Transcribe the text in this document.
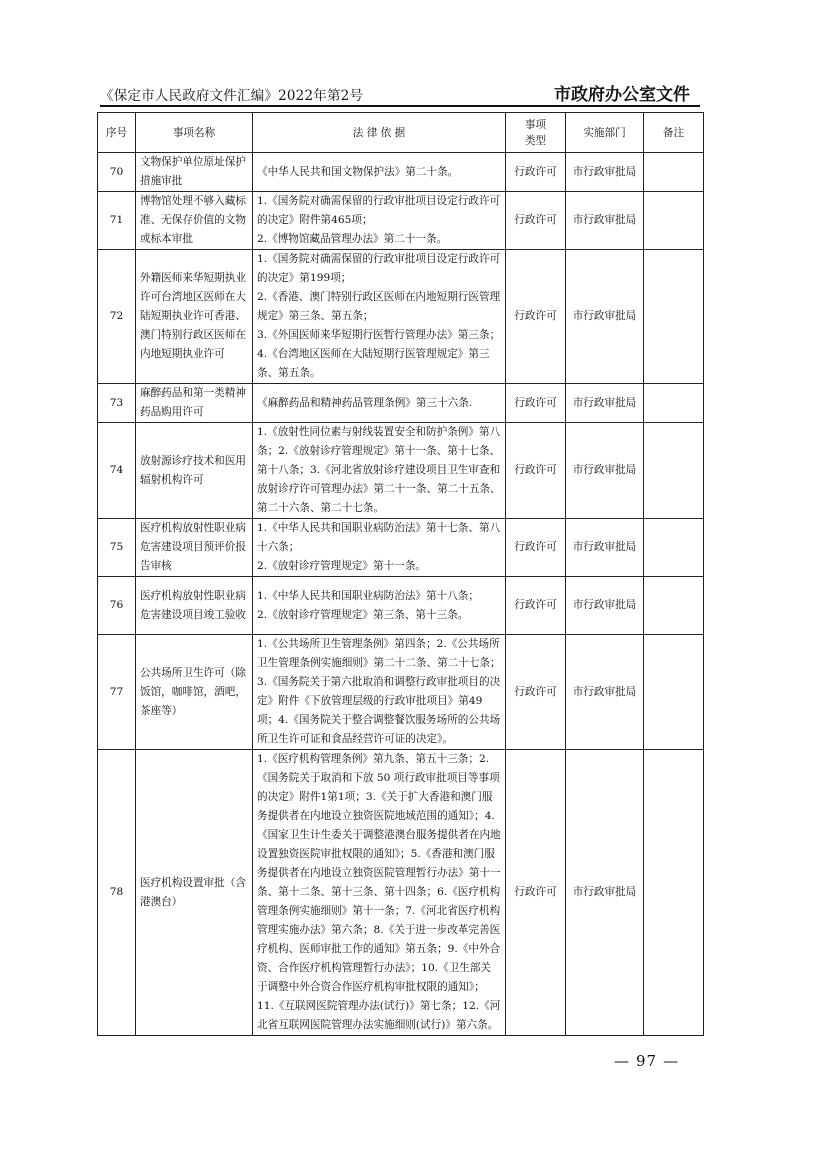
《保定市人民政府文件汇编》2022年第2号	市政府办公室文件
序号	事项名称	法 律 依 据	事项类型	实施部门	备注
70	文物保护单位原址保护措施审批	《中华人民共和国文物保护法》第二十条。	行政许可	市行政审批局	
71	博物馆处理不够入藏标准、无保存价值的文物或标本审批	1.《国务院对确需保留的行政审批项目设定行政许可的决定》附件第465项；
2.《博物馆藏品管理办法》第二十一条。	行政许可	市行政审批局	
72	外籍医师来华短期执业许可台湾地区医师在大陆短期执业许可香港、澳门特别行政区医师在内地短期执业许可	1.《国务院对确需保留的行政审批项目设定行政许可的决定》第199项；
2.《香港、澳门特别行政区医师在内地短期行医管理规定》第三条、第五条；
3.《外国医师来华短期行医暂行管理办法》第三条；
4.《台湾地区医师在大陆短期行医管理规定》第三条、第五条。	行政许可	市行政审批局	
73	麻醉药品和第一类精神药品购用许可	《麻醉药品和精神药品管理条例》第三十六条.	行政许可	市行政审批局	
74	放射源诊疗技术和医用辐射机构许可	1.《放射性同位素与射线装置安全和防护条例》第八条；2.《放射诊疗管理规定》第十一条、第十七条、第十八条；3.《河北省放射诊疗建设项目卫生审查和放射诊疗许可管理办法》第二十一条、第二十五条、第二十六条、第二十七条。	行政许可	市行政审批局	
75	医疗机构放射性职业病危害建设项目预评价报告审核	1.《中华人民共和国职业病防治法》第十七条、第八十六条；
2.《放射诊疗管理规定》第十一条。	行政许可	市行政审批局	
76	医疗机构放射性职业病危害建设项目竣工验收	1.《中华人民共和国职业病防治法》第十八条；
2.《放射诊疗管理规定》第三条、第十三条。	行政许可	市行政审批局	
77	公共场所卫生许可（除饭馆，咖啡馆，酒吧，茶座等）	1.《公共场所卫生管理条例》第四条；2.《公共场所卫生管理条例实施细则》第二十二条、第二十七条；3.《国务院关于第六批取消和调整行政审批项目的决定》附件《下放管理层级的行政审批项目》第49项；4.《国务院关于整合调整餐饮服务场所的公共场所卫生许可证和食品经营许可证的决定》。	行政许可	市行政审批局	
78	医疗机构设置审批（含港澳台）	1.《医疗机构管理条例》第九条、第五十三条；2.《国务院关于取消和下放 50 项行政审批项目等事项的决定》附件1第1项；3.《关于扩大香港和澳门服务提供者在内地设立独资医院地域范围的通知》；4.《国家卫生计生委关于调整港澳台服务提供者在内地设置独资医院审批权限的通知》；5.《香港和澳门服务提供者在内地设立独资医院管理暂行办法》第十一条、第十二条、第十三条、第十四条；6.《医疗机构管理条例实施细则》第十一条；7.《河北省医疗机构管理实施办法》第六条；8.《关于进一步改革完善医疗机构、医师审批工作的通知》第五条；9.《中外合资、合作医疗机构管理暂行办法》；10.《卫生部关于调整中外合资合作医疗机构审批权限的通知》；11.《互联网医院管理办法(试行)》第七条；12.《河北省互联网医院管理办法实施细则(试行)》第六条。	行政许可	市行政审批局	
— 97 —
